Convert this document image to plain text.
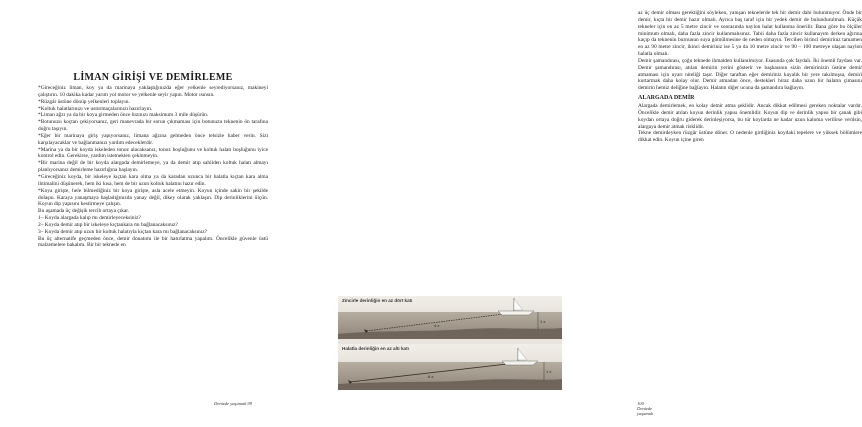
LİMAN GİRİŞİ VE DEMİRLEME

*Gireceğiniz liman, koy ya da marinaya yaklaştığınızda eğer yelkenle seyrediyorsanız, makineyi çalıştırın. 10 dakika kadar yarım yol motor ve yelkenle seyir yapın. Motor ısınsın.

*Rüzgâr üstüne dönüp yelkenleri toplayın.

*Koltuk halatlarınızı ve usturmaçalarınızı hazırlayın.

*Liman ağzı ya da bir koya girmeden önce hızınızı maksimum 3 mile düşürün.

*Botunuzu koçtan çekiyorsanız, geri manevrada bir sorun çıkmaması için botunuzu teknenin ön tarafına doğru taşıyın.

*Eğer bir marinaya giriş yapıyorsanız, limana ağzına gelmeden önce telsizle haber verin. Sizi karşılayacaklar ve bağlanmanızı yardım edeceklerdir.

*Marina ya da bir koyda iskeleden tonoz alacaksanız, tonoz boşluğunu ve koltuk halatı boşluğunu iyice kontrol edin. Gerekirse, yardım istemekten çekinmeyin.

*Bir marina değil de bir koyda alargada demirlemeye, ya da demir atıp sahilden koltuk halatı almayı planlıyorsanız demirleme hazırlığına başlayın.

*Gireceğiniz koyda, bir iskeleye kıçtan kara olma ya da karadan uzunca bir halatla kıçtan kara alma ihtimalini düşünerek, hem iki kısa, hem de bir uzun koltuk halatını hazır edin.

*Koya girişte, hele bilmediğiniz bir koya girişte, asla acele etmeyin. Koyun içinde sakin bir şekilde dolaşın. Karaya yanaşmaya başladığınızda yanay değil, dikey olarak yaklaşın. Dip derinliklerini ölçün. Koyun dip yapısını kestirmeye çalışın.

Bu aşamada üç değişik tercih ortaya çıkar.

1– Koyda alargada kalıp mı demirleyeceksiniz?

2– Koyda demir atıp bir iskeleye kıçtankara mı bağlanacaksınız?

3– Koyda demir atıp uzun bir koltuk halatıyla kıçtan kara mı bağlanacaksınız?

Bu üç alternatife geçmeden önce, demir donatımı ile bir hatırlatma yapalım. Öncelikle güvenle üstü malzemelere bakalım. Bir bir teknede en

Denizde yaşamak 99

az üç demir olması gerektiğini söyleken, yanışan teknelerde tek bir demir dahi bulunmuyor. Önde bir demir, kıçta bir demir hazır olmalı. Ayrıca baş taraf için bir yedek demir de bulundurulmalı. Küçük tekneler için en az 5 metre zincir ve sonrasında naylon halat kullanma önerilir. Bana göre bu ölçüler minimum olmalı, daha fazla zincir kullanmalısınız. Tabii daha fazla zincir kullanayım derken ağırına kaçıp da teknenin burnunun suya gömülmesine de neden olmayın. Tercihen birinci demiriniz tamamen en az 90 metre zincir, ikinci demiriniz ise 5 ya da 10 metre zincir ve 90 – 100 metreye ulaşan naylon halatla olmalı.

Demir şamandırası, çoğu teknede ihmalden kullanılmıyor. Esasında çok faydalı. İki önemli faydası var. Demir şamandırası, atılan demirin yerini gösterir ve başkasının sizin demirinizin üstüne demir atmaması için uyarı niteliği taşır. Diğer taraftan eğer demiriniz kayalık bir yere takılmışsa, demiri kurtarmak daha kolay olur. Demir atmadan önce, destekleri biraz daha uzun bir halatın çimasını demirin hemiz deliğine bağlayın. Halatın diğer ucuna da şamandıra bağlayın.

ALARGADA DEMİR

Alargada demirlemek, en kolay demir atma şeklidir. Ancak dikkat edilmesi gereken noktalar vardır. Öncelikle demir atılan koyun derinlik yapısı önemlidir. Koyun dip ve derinlik yapısı bir çanak gibi koydan ortaya doğru giderek derinleşiyorsa, bu tür koylarda ne kadar uzun kaloma verilirse verilsin, alargaya demir atmak risklidir.

Tekne demirdeyken rüzgâr üstüne döner. O nedenle girdiğiniz koydaki tepelere ve yüksek bölümlere dikkat edin. Koyun içine giren

100 Denizde yaşamak
Zincirle derinliğin en az dört katı
1 x
4 x
Halatla derinliğin en az altı katı
1 x
6 x
